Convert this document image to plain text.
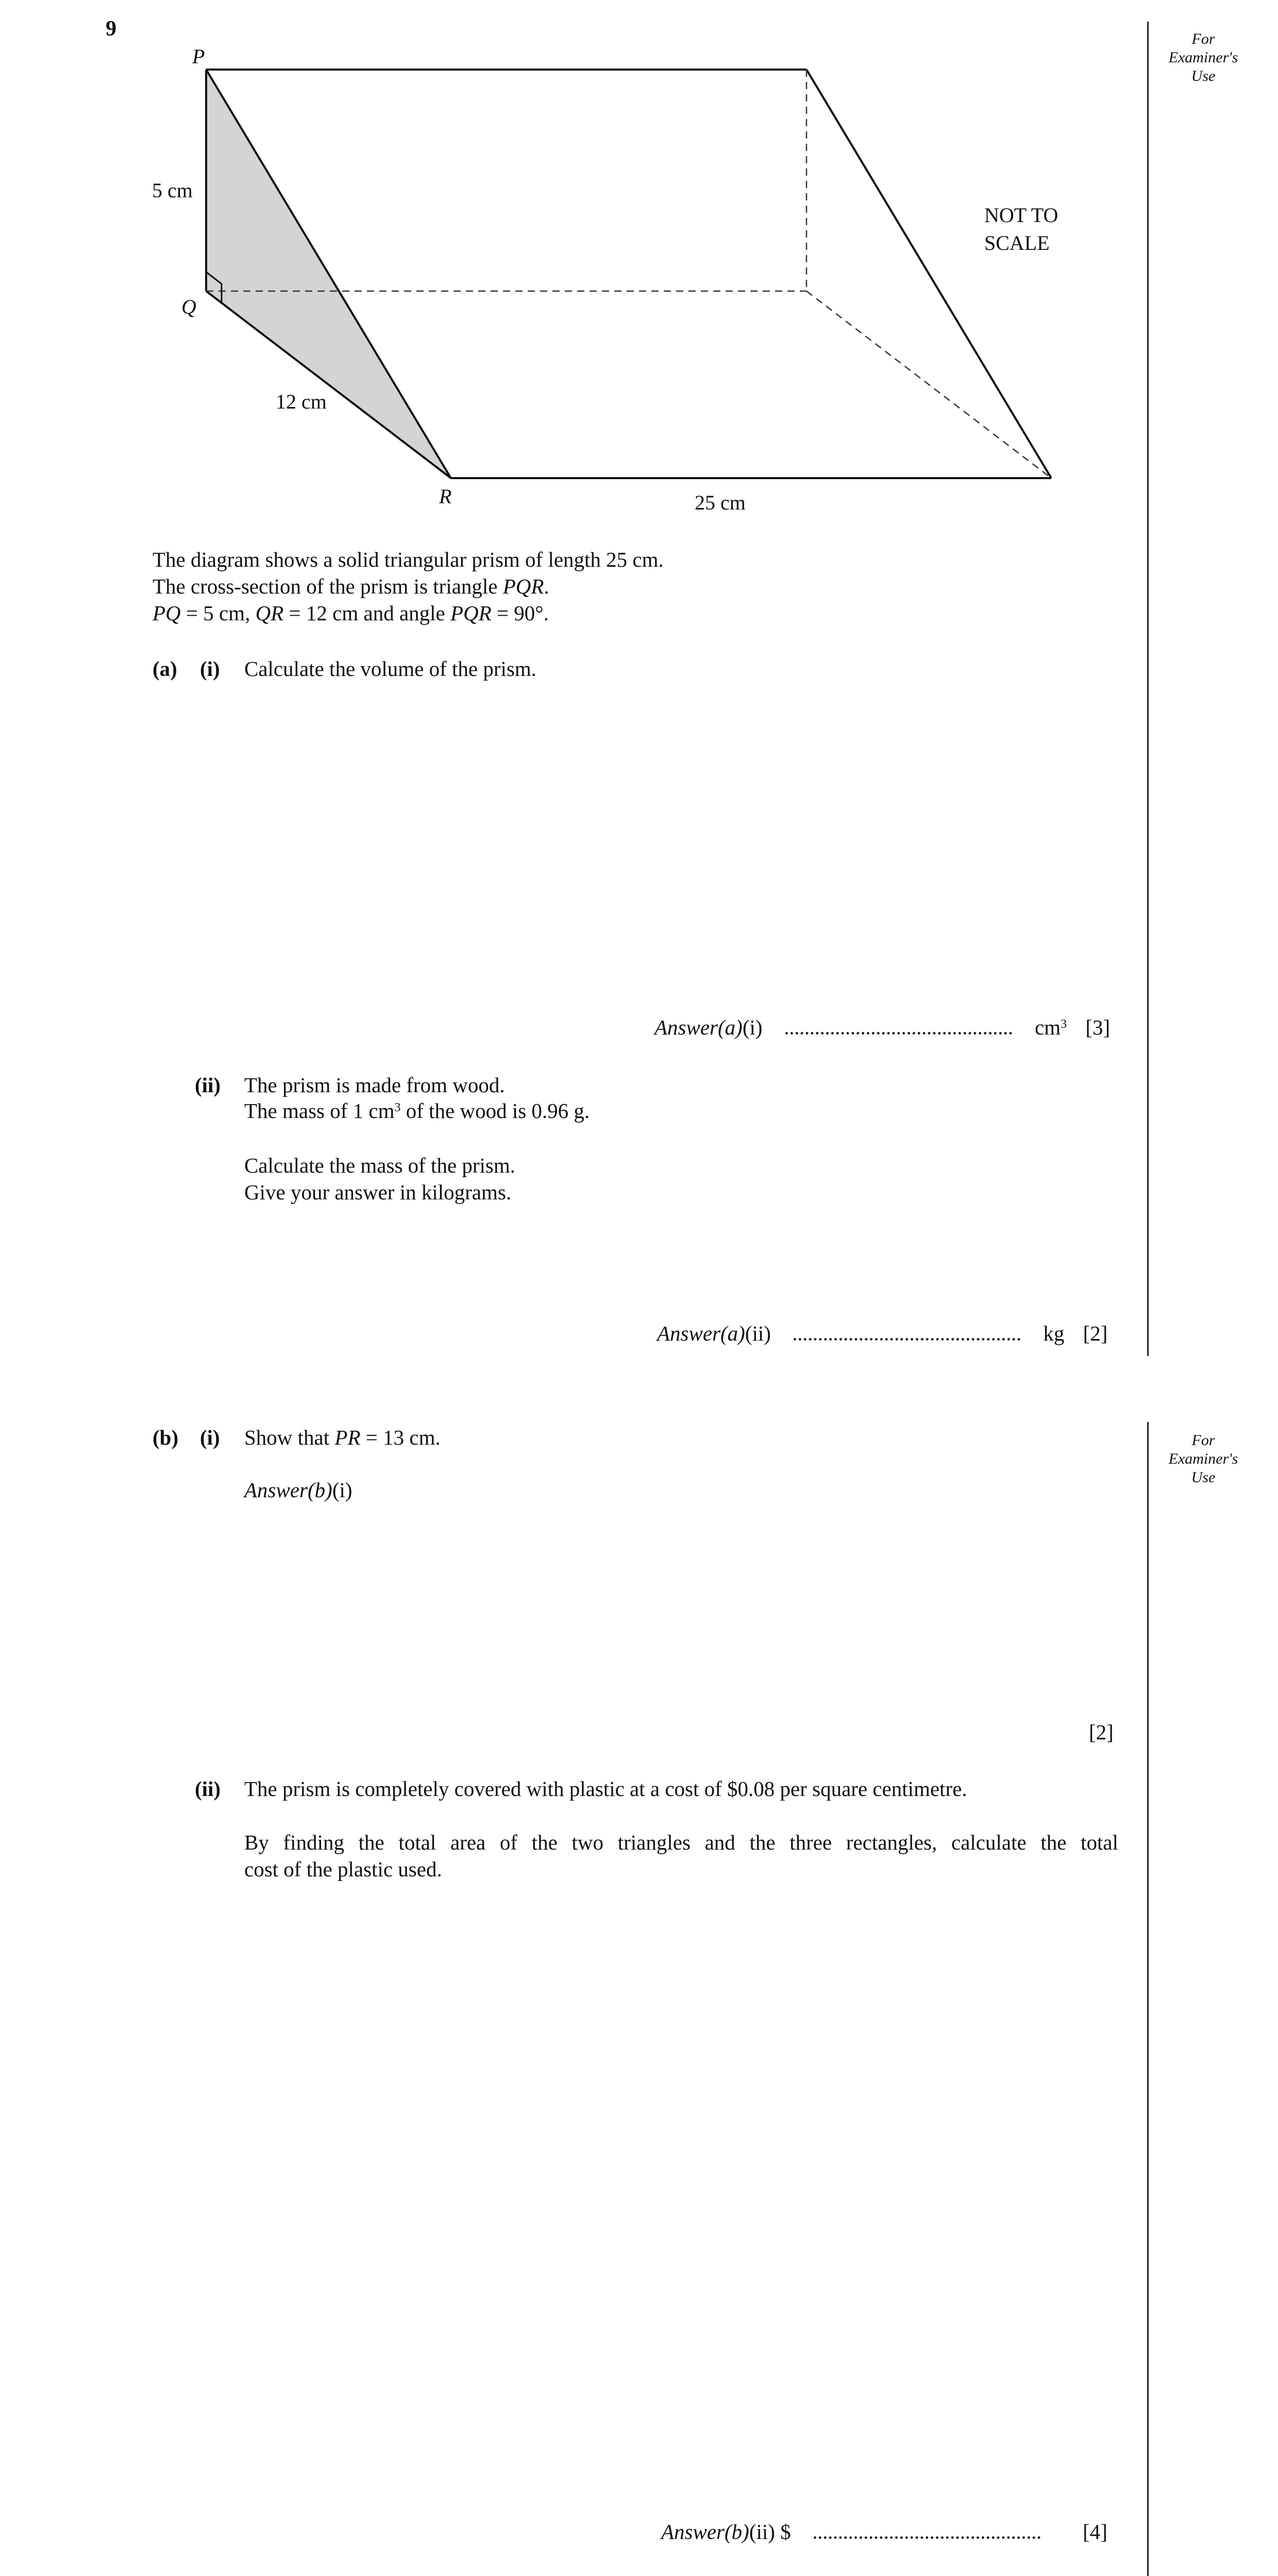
9	For
Examiner's
Use
For
Examiner's
Use
P
Q
R
5 cm
12 cm
25 cm
NOT TO
SCALE
The diagram shows a solid triangular prism of length 25 cm.
The cross-section of the prism is triangle PQR.
PQ = 5 cm, QR = 12 cm and angle PQR = 90°.
(a) (i) Calculate the volume of the prism.
Answer(a)(i)	$cm^3$ [3]
(ii) The prism is made from wood.
The mass of 1 $cm^3$ of the wood is 0.96 g.
Calculate the mass of the prism.
Give your answer in kilograms.
Answer(a)(ii)	kg [2]
(b) (i) Show that PR = 13 cm.
Answer(b)(i)
[2]
(ii) The prism is completely covered with plastic at a cost of $0.08 per square centimetre.
By finding the total area of the two triangles and the three rectangles, calculate the total
cost of the plastic used.
Answer(b)(ii) $	[4]
